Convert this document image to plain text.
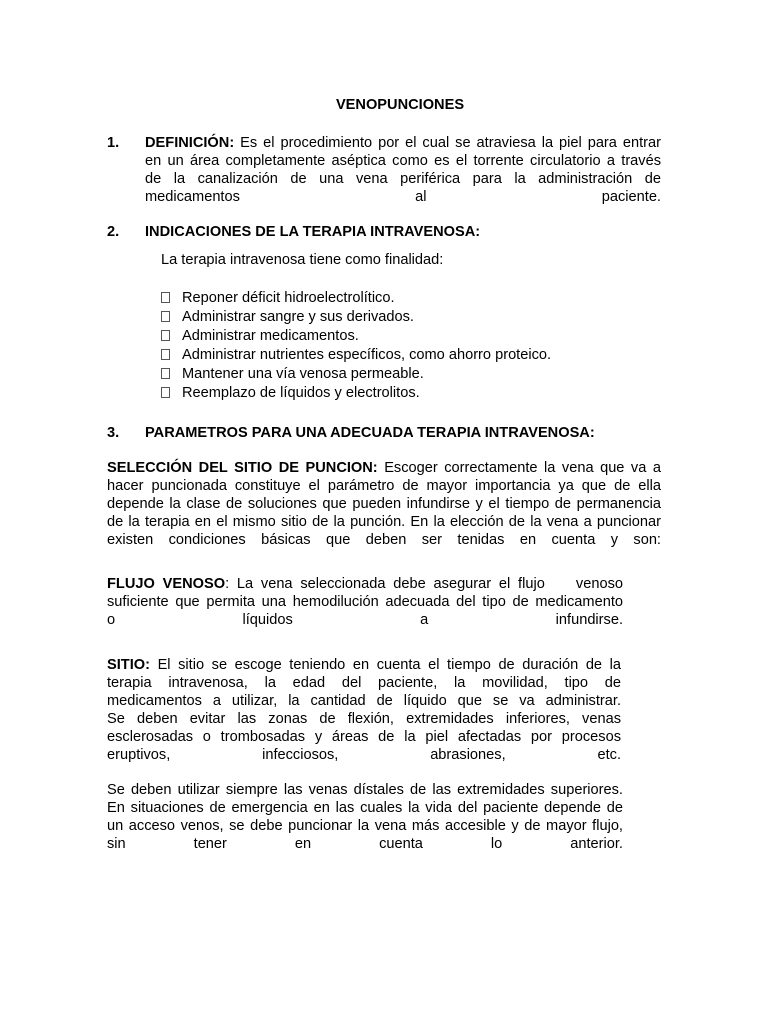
VENOPUNCIONES
1. DEFINICIÓN: Es el procedimiento por el cual se atraviesa la piel para entrar
en un área completamente aséptica como es el torrente circulatorio a través
de la canalización de una vena periférica para la administración de
medicamentos al paciente.
2. INDICACIONES DE LA TERAPIA INTRAVENOSA:
La terapia intravenosa tiene como finalidad:
Reponer déficit hidroelectrolítico.
Administrar sangre y sus derivados.
Administrar medicamentos.
Administrar nutrientes específicos, como ahorro proteico.
Mantener una vía venosa permeable.
Reemplazo de líquidos y electrolitos.
3. PARAMETROS PARA UNA ADECUADA TERAPIA INTRAVENOSA:
SELECCIÓN DEL SITIO DE PUNCION: Escoger correctamente la vena que va a
hacer puncionada constituye el parámetro de mayor importancia ya que de ella
depende la clase de soluciones que pueden infundirse y el tiempo de permanencia
de la terapia en el mismo sitio de la punción. En la elección de la vena a puncionar
existen condiciones básicas que deben ser tenidas en cuenta y son:
FLUJO VENOSO: La vena seleccionada debe asegurar el flujo    venoso
suficiente que permita una hemodilución adecuada del tipo de medicamento
o líquidos a infundirse.
SITIO: El sitio se escoge teniendo en cuenta el tiempo de duración de la
terapia intravenosa, la edad del paciente, la movilidad, tipo de
medicamentos a utilizar, la cantidad de líquido que se va administrar.
Se deben evitar las zonas de flexión, extremidades inferiores, venas
esclerosadas o trombosadas y áreas de la piel afectadas por procesos
eruptivos, infecciosos, abrasiones, etc.
Se deben utilizar siempre las venas dístales de las extremidades superiores.
En situaciones de emergencia en las cuales la vida del paciente depende de
un acceso venos, se debe puncionar la vena más accesible y de mayor flujo,
sin tener en cuenta lo anterior.
